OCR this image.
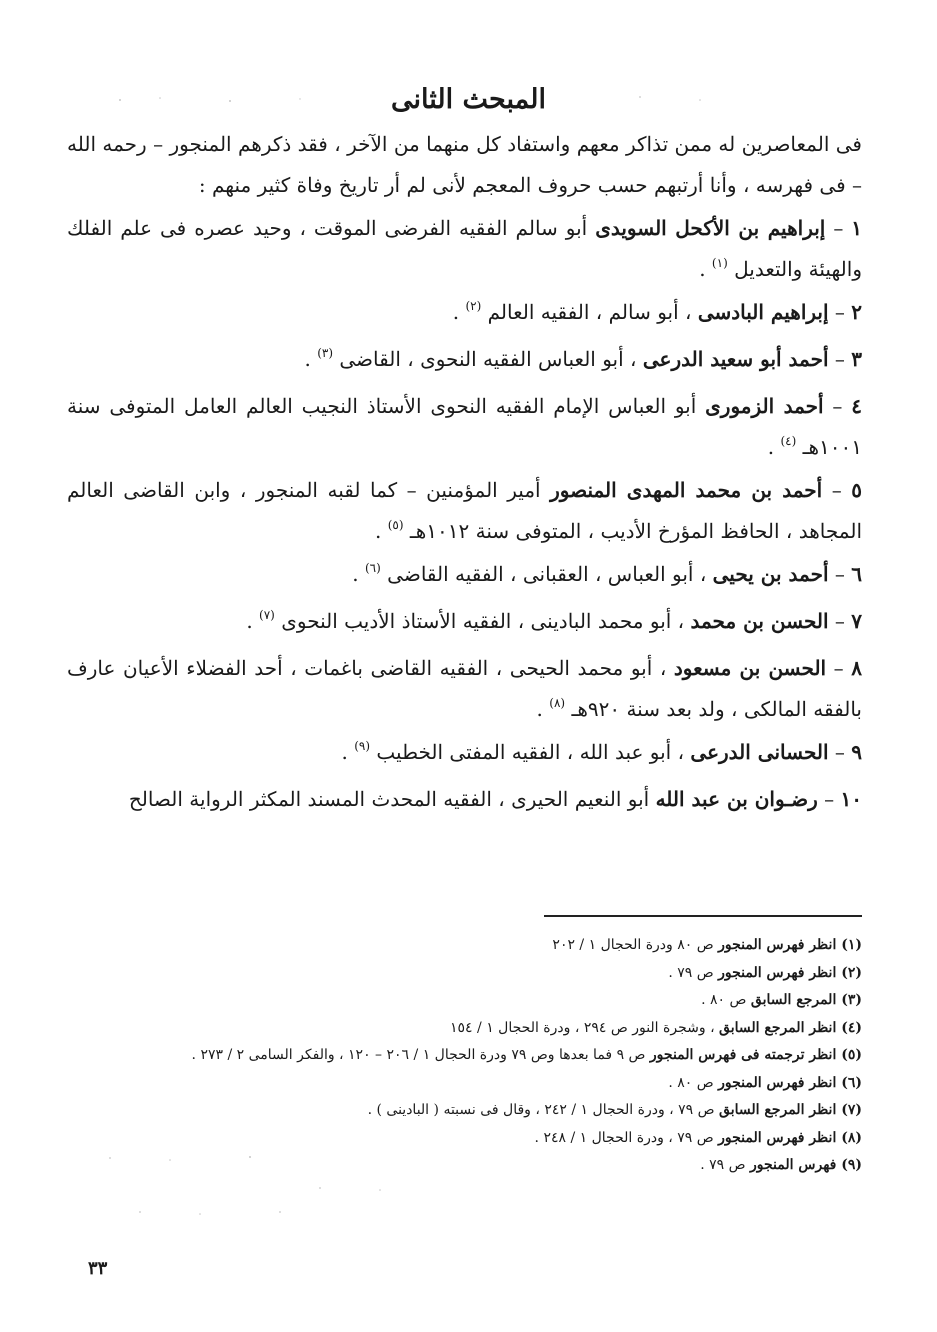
المبحث الثانى

فى المعاصرين له ممن تذاكر معهم واستفاد كل منهما من الآخر ، فقد ذكرهم المنجور – رحمه الله – فى فهرسه ، وأنا أرتبهم حسب حروف المعجم لأنى لم أر تاريخ وفاة كثير منهم :

١ – إبراهيم بن الأكحل السويدى أبو سالم الفقيه الفرضى الموقت ، وحيد عصره فى علم الفلك والهيئة والتعديل $^{(١)}$ .

٢ – إبراهيم البادسى ، أبو سالم ، الفقيه العالم $^{(٢)}$ .

٣ – أحمد أبو سعيد الدرعى ، أبو العباس الفقيه النحوى ، القاضى $^{(٣)}$ .

٤ – أحمد الزمورى أبو العباس الإمام الفقيه النحوى الأستاذ النجيب العالم العامل المتوفى سنة ١٠٠١هـ $^{(٤)}$ .

٥ – أحمد بن محمد المهدى المنصور أمير المؤمنين – كما لقبه المنجور ، وابن القاضى العالم المجاهد ، الحافظ المؤرخ الأديب ، المتوفى سنة ١٠١٢هـ $^{(٥)}$ .

٦ – أحمد بن يحيى ، أبو العباس ، العقبانى ، الفقيه القاضى $^{(٦)}$ .

٧ – الحسن بن محمد ، أبو محمد البادينى ، الفقيه الأستاذ الأديب النحوى $^{(٧)}$ .

٨ – الحسن بن مسعود ، أبو محمد الحيحى ، الفقيه القاضى باغمات ، أحد الفضلاء الأعيان عارف بالفقه المالكى ، ولد بعد سنة ٩٢٠هـ $^{(٨)}$ .

٩ – الحسانى الدرعى ، أبو عبد الله ، الفقيه المفتى الخطيب $^{(٩)}$ .

١٠ – رضـوان بن عبد الله أبو النعيم الحيرى ، الفقيه المحدث المسند المكثر الرواية الصالح

(١) انظر فهرس المنجور ص ٨٠ ودرة الحجال ١ / ٢٠٢

(٢) انظر فهرس المنجور ص ٧٩ .

(٣) المرجع السابق ص ٨٠ .

(٤) انظر المرجع السابق ، وشجرة النور ص ٢٩٤ ، ودرة الحجال ١ / ١٥٤

(٥) انظر ترجمته فى فهرس المنجور ص ٩ فما بعدها وص ٧٩ ودرة الحجال ١ / ٢٠٦ – ١٢٠ ، والفكر السامى ٢ / ٢٧٣ .

(٦) انظر فهرس المنجور ص ٨٠ .

(٧) انظر المرجع السابق ص ٧٩ ، ودرة الحجال ١ / ٢٤٢ ، وقال فى نسبته ( البادينى ) .

(٨) انظر فهرس المنجور ص ٧٩ ، ودرة الحجال ١ / ٢٤٨ .

(٩) فهرس المنجور ص ٧٩ .

٣٣
